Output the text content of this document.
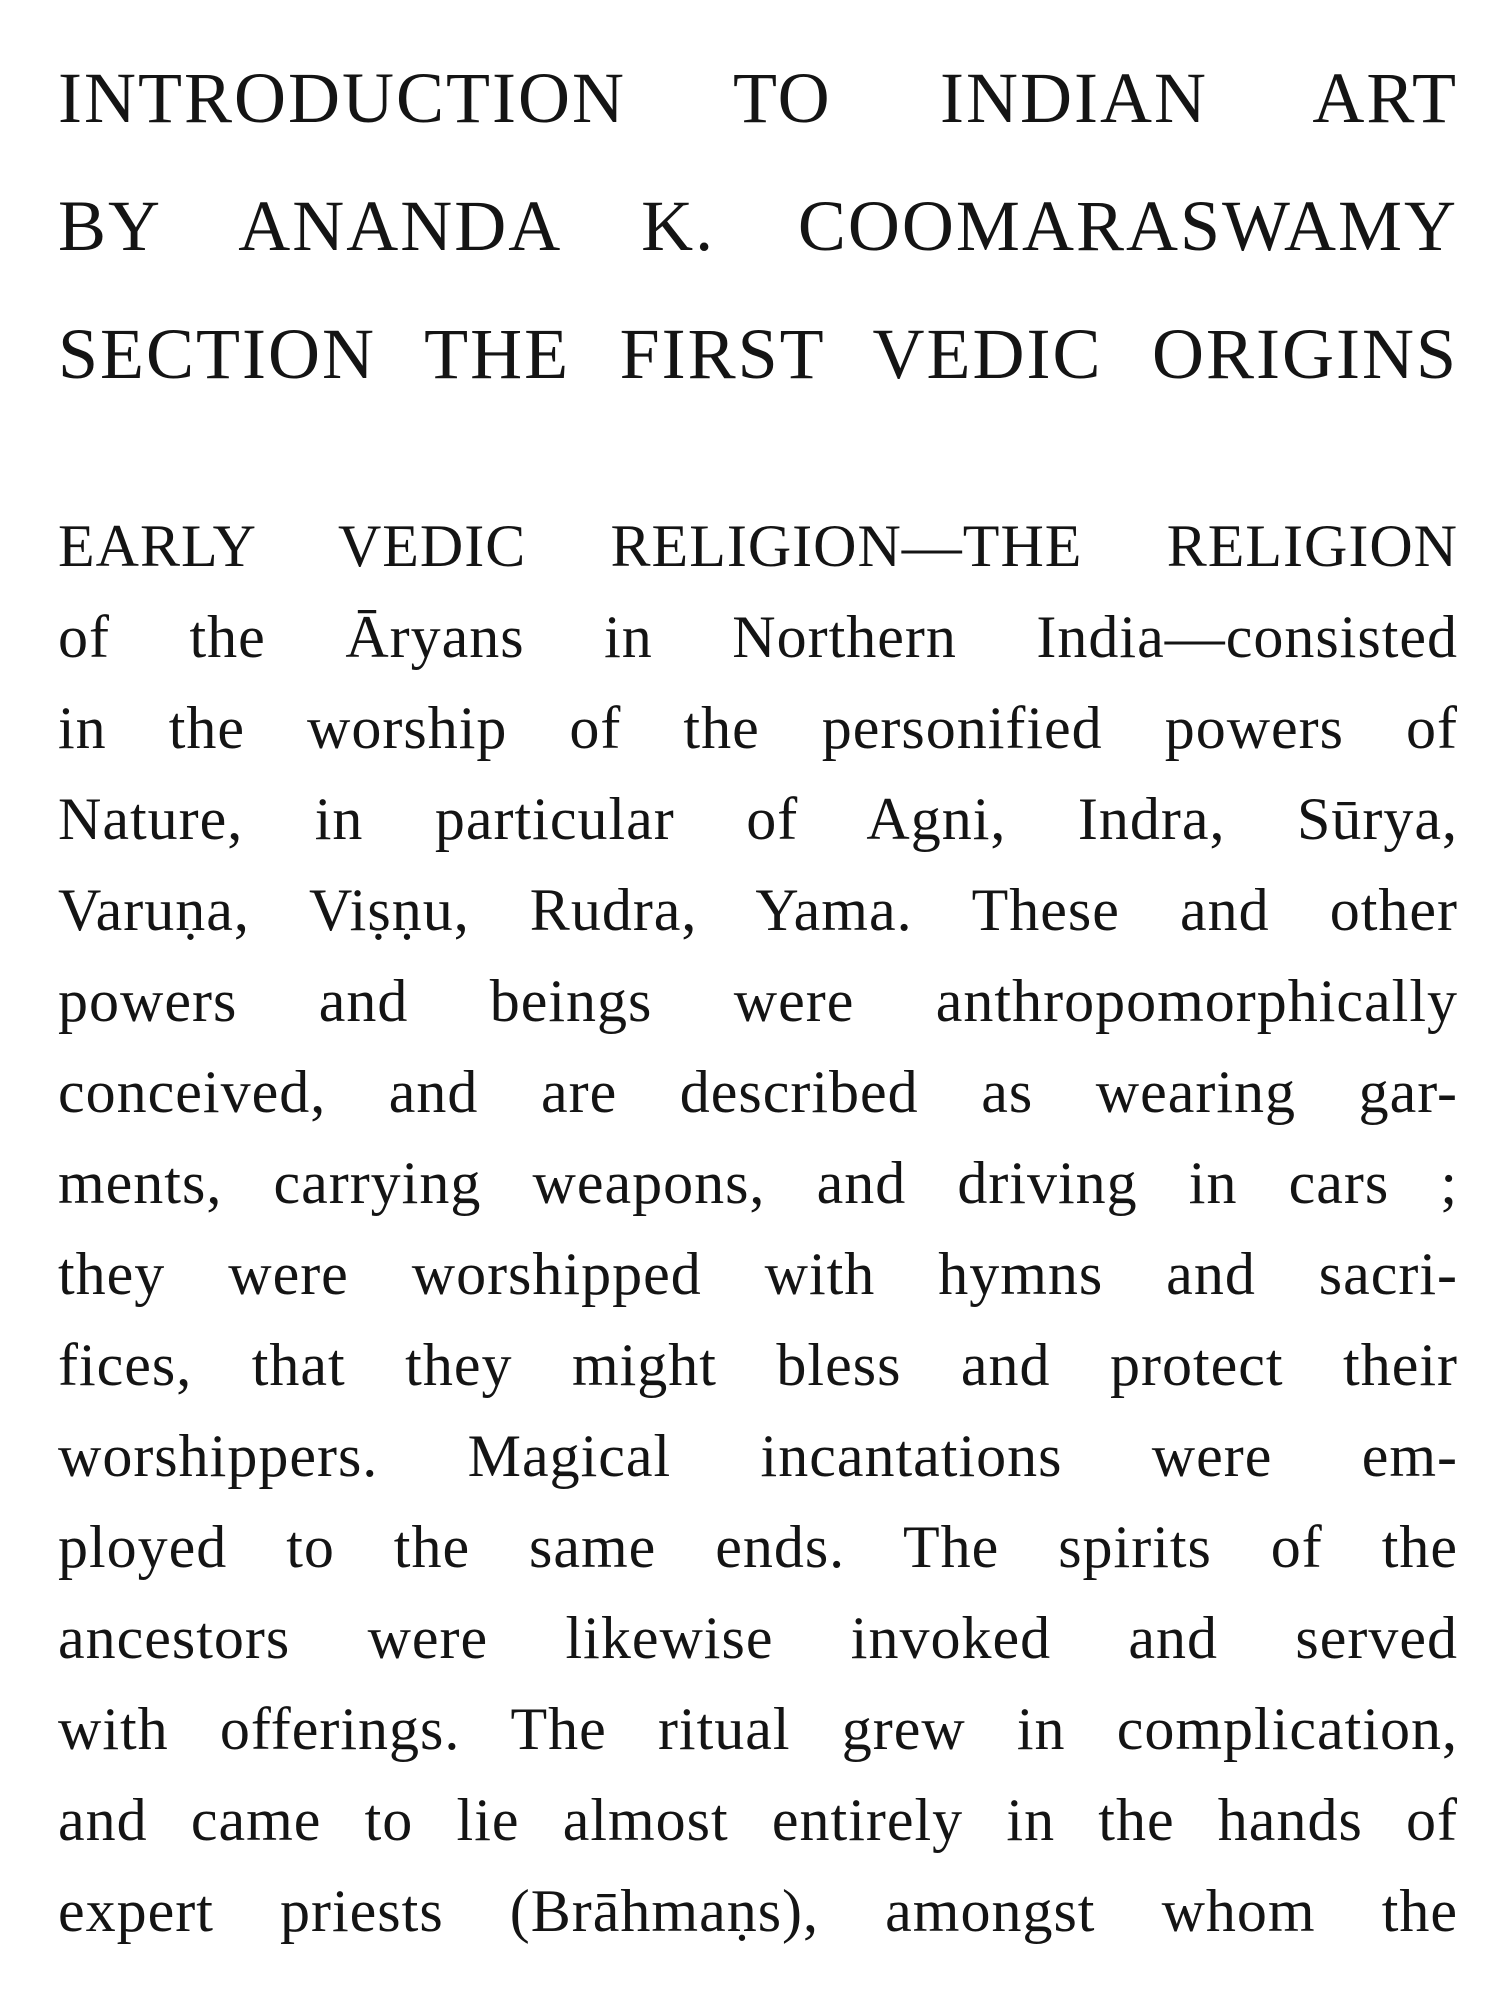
INTRODUCTION TO INDIAN ART
BY ANANDA K. COOMARASWAMY
SECTION THE FIRST VEDIC ORIGINS
EARLY VEDIC RELIGION—THE RELIGION
of the Āryans in Northern India—consisted
in the worship of the personified powers of
Nature, in particular of Agni, Indra, Sūrya,
Varuṇa, Viṣṇu, Rudra, Yama. These and other
powers and beings were anthropomorphically
conceived, and are described as wearing gar-
ments, carrying weapons, and driving in cars ;
they were worshipped with hymns and sacri-
fices, that they might bless and protect their
worshippers. Magical incantations were em-
ployed to the same ends. The spirits of the
ancestors were likewise invoked and served
with offerings. The ritual grew in complication,
and came to lie almost entirely in the hands of
expert priests (Brāhmaṇs), amongst whom the
